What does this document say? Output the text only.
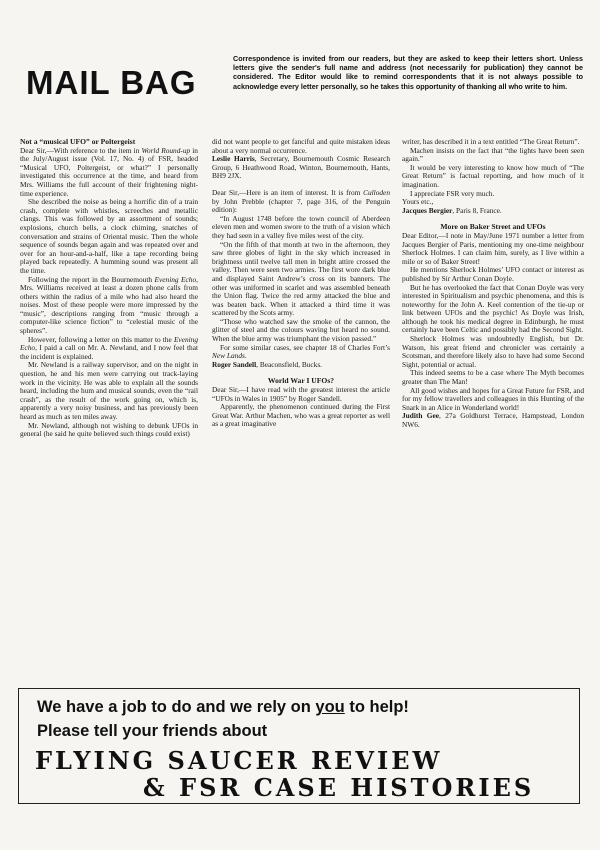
MAIL BAG
Correspondence is invited from our readers, but they are asked to keep their letters short. Unless letters give the sender's full name and address (not necessarily for publication) they cannot be considered. The Editor would like to remind correspondents that it is not always possible to acknowledge every letter personally, so he takes this opportunity of thanking all who write to him.

Not a “musical UFO” or Poltergeist

Dear Sir,—With reference to the item in World Round-up in the July/August issue (Vol. 17, No. 4) of FSR, headed “Musical UFO, Poltergeist, or what?” I personally investigated this occurrence at the time, and heard from Mrs. Williams the full account of their frightening night-time experience.

She described the noise as being a horrific din of a train crash, complete with whistles, screeches and metallic clangs. This was followed by an assortment of sounds; explosions, church bells, a clock chiming, snatches of conversation and strains of Oriental music. Then the whole sequence of sounds began again and was repeated over and over for an hour-and-a-half, like a tape recording being played back repeatedly. A humming sound was present all the time.

Following the report in the Bournemouth Evening Echo, Mrs. Williams received at least a dozen phone calls from others within the radius of a mile who had also heard the noises. Most of these people were more impressed by the “music”, descriptions ranging from “music through a computer-like science fiction” to “celestial music of the spheres”.

However, following a letter on this matter to the Evening Echo, I paid a call on Mr. A. Newland, and I now feel that the incident is explained.

Mr. Newland is a railway supervisor, and on the night in question, he and his men were carrying out track-laying work in the vicinity. He was able to explain all the sounds heard, including the hum and musical sounds, even the “rail crash”, as the result of the work going on, which is, apparently a very noisy business, and has previously been heard as much as ten miles away.

Mr. Newland, although not wishing to debunk UFOs in general (he said he quite believed such things could exist)

did not want people to get fanciful and quite mistaken ideas about a very normal occurrence.

Leslie Harris, Secretary, Bournemouth Cosmic Research Group, 6 Heathwood Road, Winton, Bournemouth, Hants, BH9 2JX.

Dear Sir,—Here is an item of interest. It is from Culloden by John Prebble (chapter 7, page 316, of the Penguin edition):

“In August 1748 before the town council of Aberdeen eleven men and women swore to the truth of a vision which they had seen in a valley five miles west of the city.

“On the fifth of that month at two in the afternoon, they saw three globes of light in the sky which increased in brightness until twelve tall men in bright attire crossed the valley. Then were seen two armies. The first wore dark blue and displayed Saint Andrew’s cross on its banners. The other was uniformed in scarlet and was assembled beneath the Union flag. Twice the red army attacked the blue and was beaten back. When it attacked a third time it was scattered by the Scots army.

“Those who watched saw the smoke of the cannon, the glitter of steel and the colours waving but heard no sound. When the blue army was triumphant the vision passed.”

For some similar cases, see chapter 18 of Charles Fort’s New Lands.

Roger Sandell, Beaconsfield, Bucks.

World War I UFOs?

Dear Sir,—I have read with the greatest interest the article “UFOs in Wales in 1905” by Roger Sandell.

Apparently, the phenomenon continued during the First Great War. Arthur Machen, who was a great reporter as well as a great imaginative

writer, has described it in a text entitled “The Great Return”.

Machen insists on the fact that “the lights have been seen again.”

It would be very interesting to know how much of “The Great Return” is factual reporting, and how much of it imagination.

I appreciate FSR very much.

Yours etc.,

Jacques Bergier, Paris 8, France.

More on Baker Street and UFOs

Dear Editor,—I note in May/June 1971 number a letter from Jacques Bergier of Paris, mentioning my one-time neighbour Sherlock Holmes. I can claim him, surely, as I live within a mile or so of Baker Street!

He mentions Sherlock Holmes’ UFO contact or interest as published by Sir Arthur Conan Doyle.

But he has overlooked the fact that Conan Doyle was very interested in Spiritualism and psychic phenomena, and this is noteworthy for the John A. Keel contention of the tie-up or link between UFOs and the psychic! As Doyle was Irish, although he took his medical degree in Edinburgh, he must certainly have been Celtic and possibly had the Second Sight.

Sherlock Holmes was undoubtedly English, but Dr. Watson, his great friend and chronicler was certainly a Scotsman, and therefore likely also to have had some Second Sight, potential or actual.

This indeed seems to be a case where The Myth becomes greater than The Man!

All good wishes and hopes for a Great Future for FSR, and for my fellow travellers and colleagues in this Hunting of the Snark in an Alice in Wonderland world!

Judith Gee, 27a Goldhurst Terrace, Hampstead, London NW6.

We have a job to do and we rely on you to help!
Please tell your friends about
FLYING SAUCER REVIEW
& FSR CASE HISTORIES
